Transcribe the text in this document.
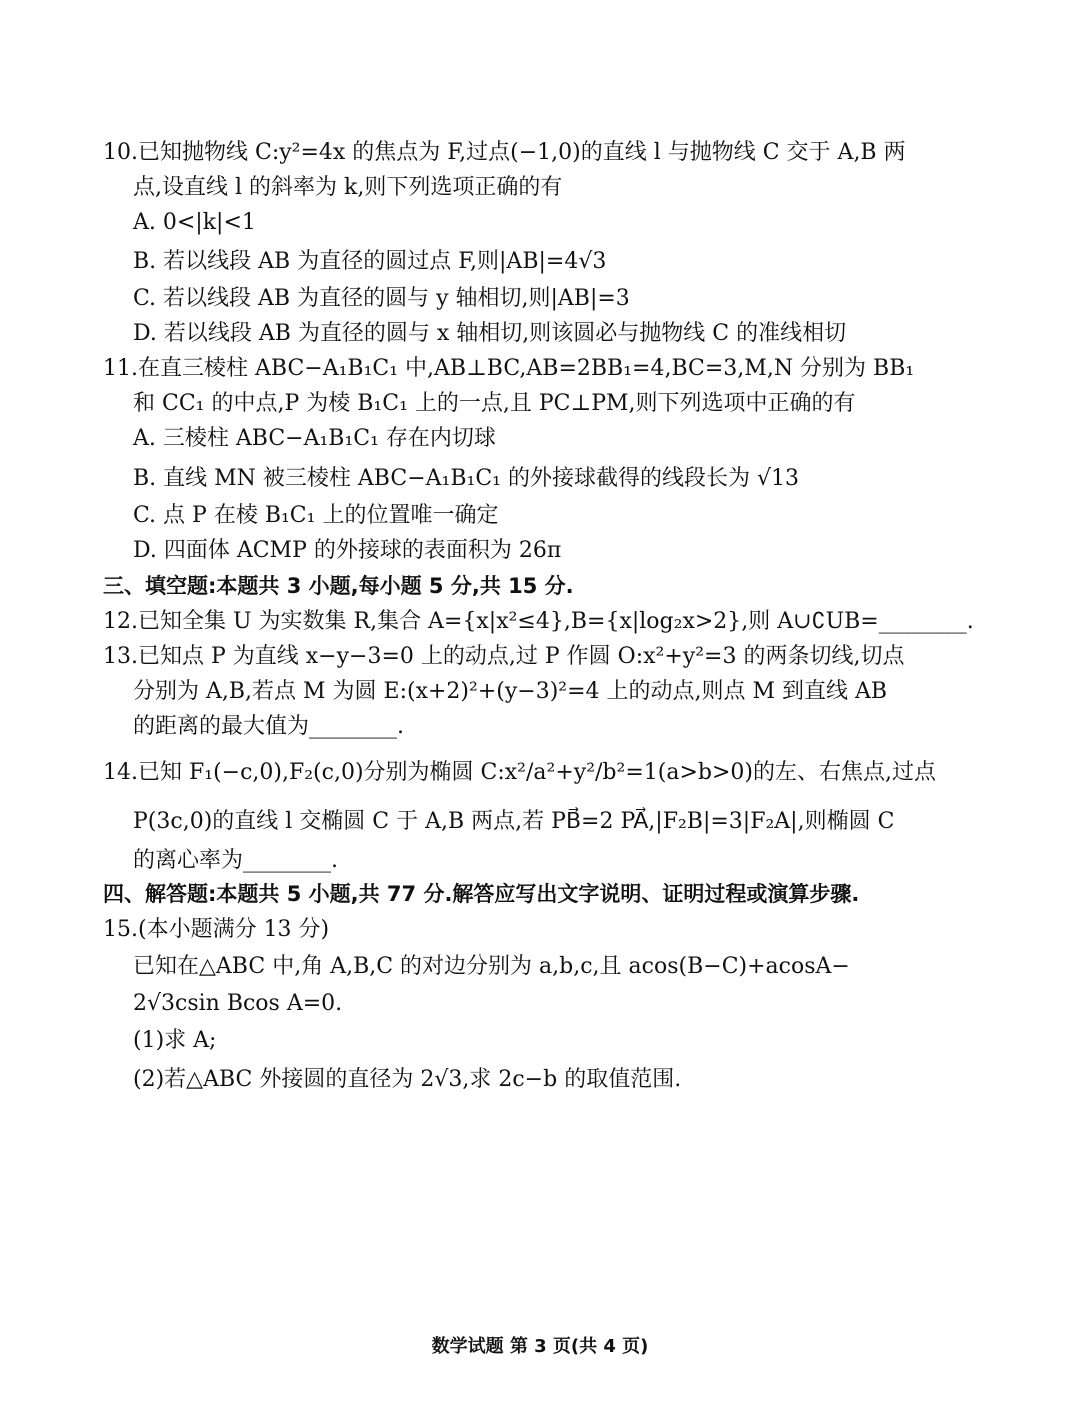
10.已知抛物线 C:y²=4x 的焦点为 F,过点(−1,0)的直线 l 与抛物线 C 交于 A,B 两
点,设直线 l 的斜率为 k,则下列选项正确的有
A. 0<|k|<1
B. 若以线段 AB 为直径的圆过点 F,则|AB|=4√3
C. 若以线段 AB 为直径的圆与 y 轴相切,则|AB|=3
D. 若以线段 AB 为直径的圆与 x 轴相切,则该圆必与抛物线 C 的准线相切
11.在直三棱柱 ABC−A₁B₁C₁ 中,AB⊥BC,AB=2BB₁=4,BC=3,M,N 分别为 BB₁
和 CC₁ 的中点,P 为棱 B₁C₁ 上的一点,且 PC⊥PM,则下列选项中正确的有
A. 三棱柱 ABC−A₁B₁C₁ 存在内切球
B. 直线 MN 被三棱柱 ABC−A₁B₁C₁ 的外接球截得的线段长为 √13
C. 点 P 在棱 B₁C₁ 上的位置唯一确定
D. 四面体 ACMP 的外接球的表面积为 26π
三、填空题:本题共 3 小题,每小题 5 分,共 15 分.
12.已知全集 U 为实数集 R,集合 A={x|x²≤4},B={x|log₂x>2},则 A∪∁UB=________.
13.已知点 P 为直线 x−y−3=0 上的动点,过 P 作圆 O:x²+y²=3 的两条切线,切点
分别为 A,B,若点 M 为圆 E:(x+2)²+(y−3)²=4 上的动点,则点 M 到直线 AB
的距离的最大值为________.
14.已知 F₁(−c,0),F₂(c,0)分别为椭圆 C:x²/a²+y²/b²=1(a>b>0)的左、右焦点,过点
P(3c,0)的直线 l 交椭圆 C 于 A,B 两点,若 PB⃗=2 PA⃗,|F₂B|=3|F₂A|,则椭圆 C
的离心率为________.
四、解答题:本题共 5 小题,共 77 分.解答应写出文字说明、证明过程或演算步骤.
15.(本小题满分 13 分)
已知在△ABC 中,角 A,B,C 的对边分别为 a,b,c,且 acos(B−C)+acosA−
2√3csin Bcos A=0.
(1)求 A;
(2)若△ABC 外接圆的直径为 2√3,求 2c−b 的取值范围.
数学试题 第 3 页(共 4 页)
